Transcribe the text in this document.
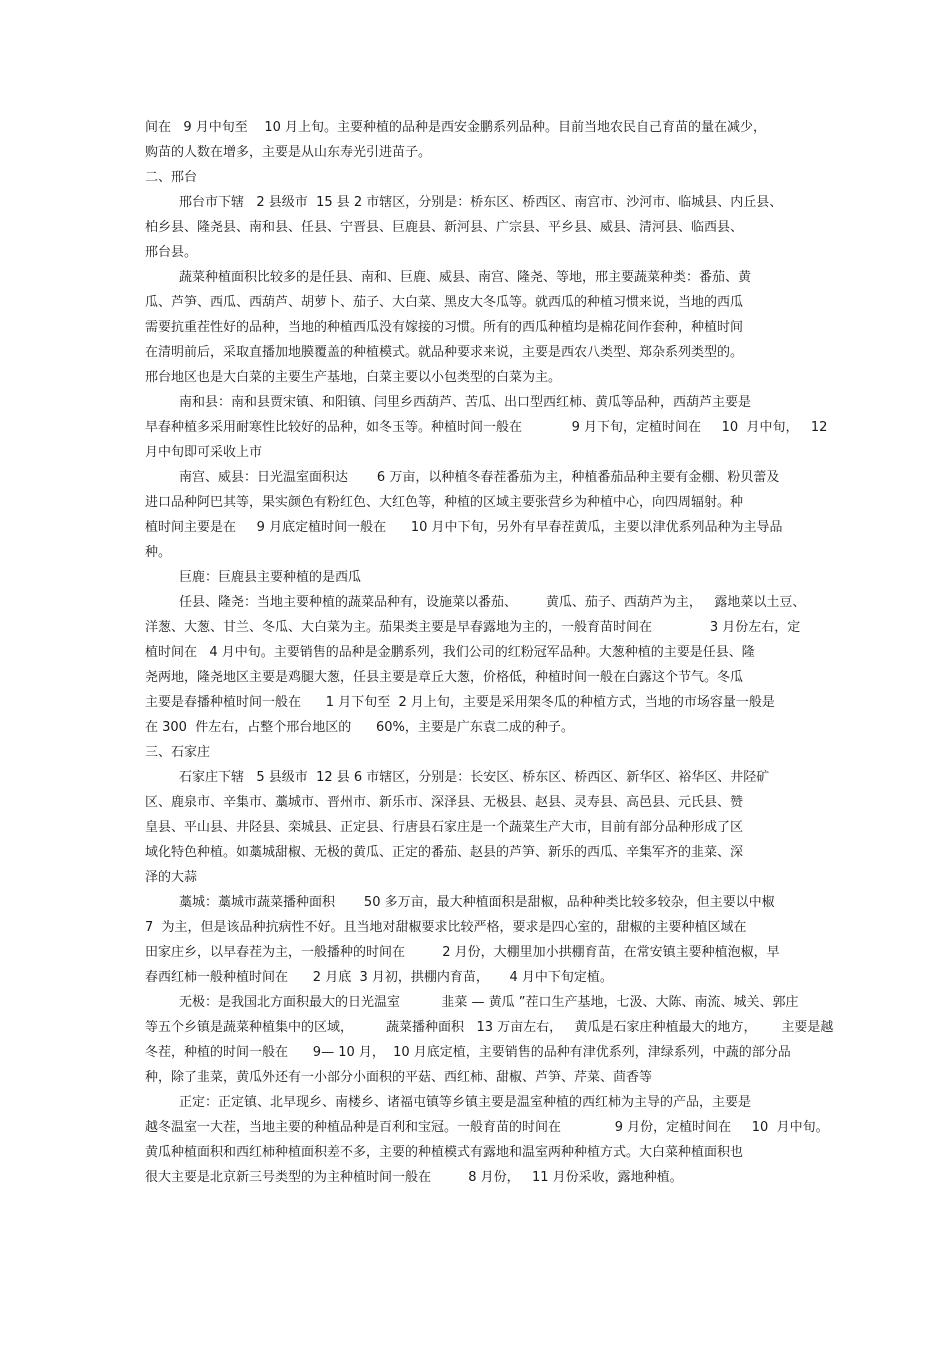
间在   9 月中旬至    10 月上旬。主要种植的品种是西安金鹏系列品种。目前当地农民自己育苗的量在减少，
购苗的人数在增多，主要是从山东寿光引进苗子。
二、邢台
邢台市下辖   2 县级市  15 县 2 市辖区，分别是：桥东区、桥西区、南宫市、沙河市、临城县、内丘县、
柏乡县、隆尧县、南和县、任县、宁晋县、巨鹿县、新河县、广宗县、平乡县、威县、清河县、临西县、
邢台县。
蔬菜种植面积比较多的是任县、南和、巨鹿、威县、南宫、隆尧、等地，邢主要蔬菜种类：番茄、黄
瓜、芦笋、西瓜、西葫芦、胡萝卜、茄子、大白菜、黑皮大冬瓜等。就西瓜的种植习惯来说，当地的西瓜
需要抗重茬性好的品种，当地的种植西瓜没有嫁接的习惯。所有的西瓜种植均是棉花间作套种，种植时间
在清明前后，采取直播加地膜覆盖的种植模式。就品种要求来说，主要是西农八类型、郑杂系列类型的。
邢台地区也是大白菜的主要生产基地，白菜主要以小包类型的白菜为主。
南和县：南和县贾宋镇、和阳镇、闫里乡西葫芦、苦瓜、出口型西红柿、黄瓜等品种，西葫芦主要是
早春种植多采用耐寒性比较好的品种，如冬玉等。种植时间一般在            9 月下旬，定植时间在     10  月中旬，   12
月中旬即可采收上市
南宫、威县：日光温室面积达       6 万亩，以种植冬春茬番茄为主，种植番茄品种主要有金棚、粉贝蕾及
进口品种阿巴其等，果实颜色有粉红色、大红色等，种植的区域主要张营乡为种植中心，向四周辐射。种
植时间主要是在     9 月底定植时间一般在      10 月中下旬，另外有早春茬黄瓜，主要以津优系列品种为主导品
种。
巨鹿：巨鹿县主要种植的是西瓜
任县、隆尧：当地主要种植的蔬菜品种有，设施菜以番茄、       黄瓜、茄子、西葫芦为主，   露地菜以土豆、
洋葱、大葱、甘兰、冬瓜、大白菜为主。茄果类主要是早春露地为主的，一般育苗时间在              3 月份左右，定
植时间在   4 月中旬。主要销售的品种是金鹏系列，我们公司的红粉冠军品种。大葱种植的主要是任县、隆
尧两地，隆尧地区主要是鸡腿大葱，任县主要是章丘大葱，价格低，种植时间一般在白露这个节气。冬瓜
主要是春播种植时间一般在      1 月下旬至  2 月上旬，主要是采用架冬瓜的种植方式，当地的市场容量一般是
在 300  件左右，占整个邢台地区的      60%，主要是广东袁二成的种子。
三、石家庄
石家庄下辖   5 县级市  12 县 6 市辖区，分别是：长安区、桥东区、桥西区、新华区、裕华区、井陉矿
区、鹿泉市、辛集市、藁城市、晋州市、新乐市、深泽县、无极县、赵县、灵寿县、高邑县、元氏县、赞
皇县、平山县、井陉县、栾城县、正定县、行唐县石家庄是一个蔬菜生产大市，目前有部分品种形成了区
域化特色种植。如藁城甜椒、无极的黄瓜、正定的番茄、赵县的芦笋、新乐的西瓜、辛集军齐的韭菜、深
泽的大蒜
藁城：藁城市蔬菜播种面积       50 多万亩，最大种植面积是甜椒，品种种类比较多较杂，但主要以中椒
7  为主，但是该品种抗病性不好。且当地对甜椒要求比较严格，要求是四心室的，甜椒的主要种植区域在
田家庄乡，以早春茬为主，一般播种的时间在         2 月份，大棚里加小拱棚育苗，在常安镇主要种植泡椒，早
春西红柿一般种植时间在      2 月底  3 月初，拱棚内育苗，     4 月中下旬定植。
无极：是我国北方面积最大的日光温室          韭菜 — 黄瓜 ”茬口生产基地，七汲、大陈、南流、城关、郭庄
等五个乡镇是蔬菜种植集中的区域，        蔬菜播种面积   13 万亩左右，   黄瓜是石家庄种植最大的地方，      主要是越
冬茬，种植的时间一般在      9— 10 月，  10 月底定植，主要销售的品种有津优系列，津绿系列，中蔬的部分品
种，除了韭菜，黄瓜外还有一小部分小面积的平菇、西红柿、甜椒、芦笋、芹菜、茴香等
正定：正定镇、北早现乡、南楼乡、诸福屯镇等乡镇主要是温室种植的西红柿为主导的产品，主要是
越冬温室一大茬，当地主要的种植品种是百利和宝冠。一般育苗的时间在             9 月份，定植时间在     10  月中旬。
黄瓜种植面积和西红柿种植面积差不多，主要的种植模式有露地和温室两种种植方式。大白菜种植面积也
很大主要是北京新三号类型的为主种植时间一般在         8 月份，   11 月份采收，露地种植。
